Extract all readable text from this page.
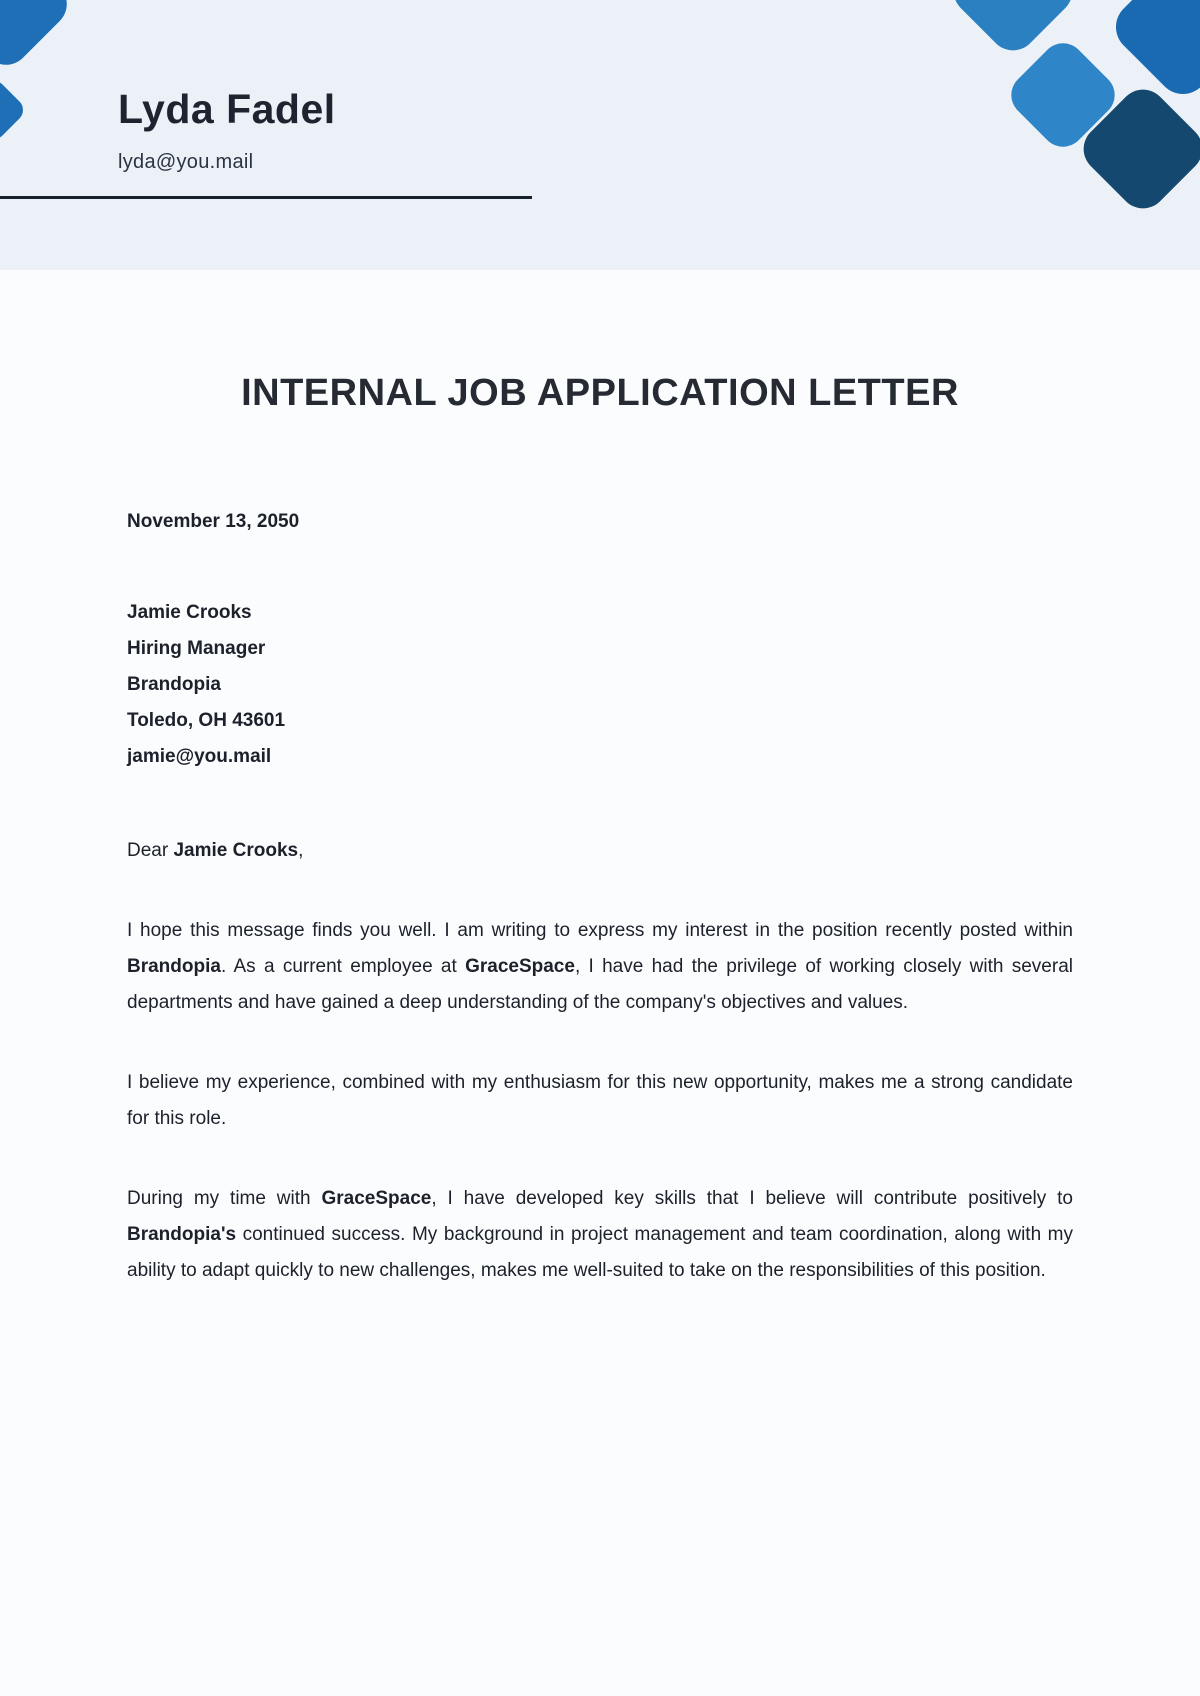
Lyda Fadel
lyda@you.mail
INTERNAL JOB APPLICATION LETTER
November 13, 2050
Jamie Crooks
Hiring Manager
Brandopia
Toledo, OH 43601
jamie@you.mail

Dear Jamie Crooks,

I hope this message finds you well. I am writing to express my interest in the position recently posted within Brandopia. As a current employee at GraceSpace, I have had the privilege of working closely with several departments and have gained a deep understanding of the company's objectives and values.

I believe my experience, combined with my enthusiasm for this new opportunity, makes me a strong candidate for this role.

During my time with GraceSpace, I have developed key skills that I believe will contribute positively to Brandopia's continued success. My background in project management and team coordination, along with my ability to adapt quickly to new challenges, makes me well-suited to take on the responsibilities of this position.
